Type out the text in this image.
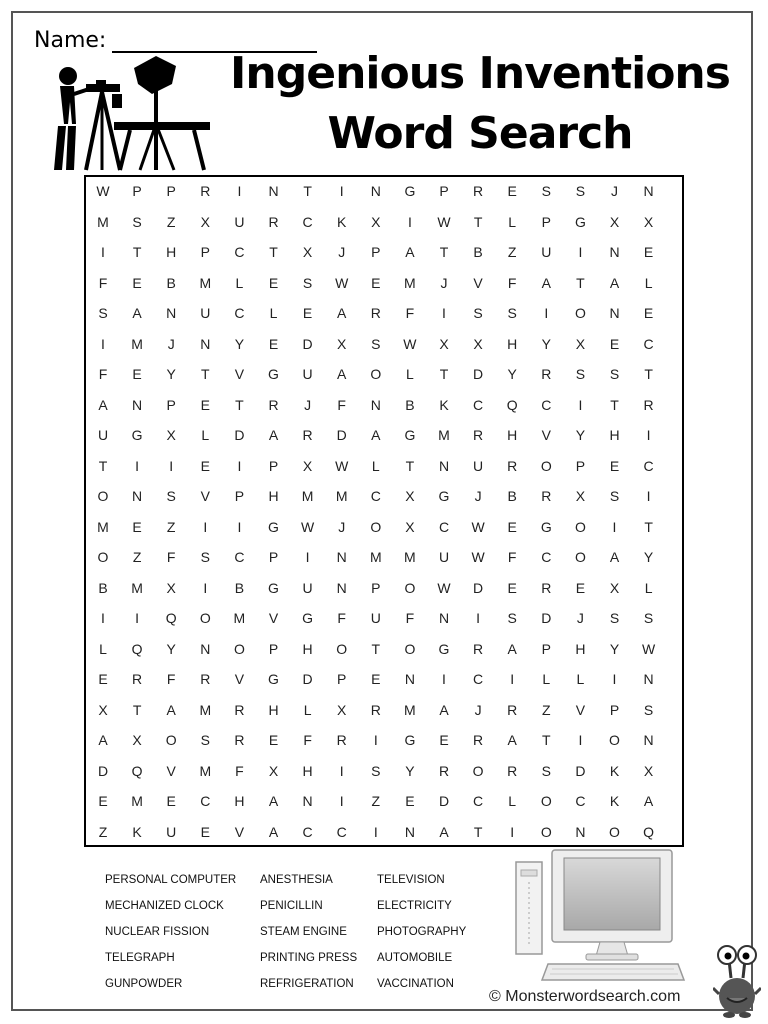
Name:
Ingenious Inventions
Word Search
W	P	P	R	I	N	T	I	N	G	P	R	E	S	S	J	N
M	S	Z	X	U	R	C	K	X	I	W	T	L	P	G	X	X
I	T	H	P	C	T	X	J	P	A	T	B	Z	U	I	N	E
F	E	B	M	L	E	S	W	E	M	J	V	F	A	T	A	L
S	A	N	U	C	L	E	A	R	F	I	S	S	I	O	N	E
I	M	J	N	Y	E	D	X	S	W	X	X	H	Y	X	E	C
F	E	Y	T	V	G	U	A	O	L	T	D	Y	R	S	S	T
A	N	P	E	T	R	J	F	N	B	K	C	Q	C	I	T	R
U	G	X	L	D	A	R	D	A	G	M	R	H	V	Y	H	I
T	I	I	E	I	P	X	W	L	T	N	U	R	O	P	E	C
O	N	S	V	P	H	M	M	C	X	G	J	B	R	X	S	I
M	E	Z	I	I	G	W	J	O	X	C	W	E	G	O	I	T
O	Z	F	S	C	P	I	N	M	M	U	W	F	C	O	A	Y
B	M	X	I	B	G	U	N	P	O	W	D	E	R	E	X	L
I	I	Q	O	M	V	G	F	U	F	N	I	S	D	J	S	S
L	Q	Y	N	O	P	H	O	T	O	G	R	A	P	H	Y	W
E	R	F	R	V	G	D	P	E	N	I	C	I	L	L	I	N
X	T	A	M	R	H	L	X	R	M	A	J	R	Z	V	P	S
A	X	O	S	R	E	F	R	I	G	E	R	A	T	I	O	N
D	Q	V	M	F	X	H	I	S	Y	R	O	R	S	D	K	X
E	M	E	C	H	A	N	I	Z	E	D	C	L	O	C	K	A
Z	K	U	E	V	A	C	C	I	N	A	T	I	O	N	O	Q
PERSONAL COMPUTER
MECHANIZED CLOCK
NUCLEAR FISSION
TELEGRAPH
GUNPOWDER
ANESTHESIA
PENICILLIN
STEAM ENGINE
PRINTING PRESS
REFRIGERATION
TELEVISION
ELECTRICITY
PHOTOGRAPHY
AUTOMOBILE
VACCINATION
© Monsterwordsearch.com
